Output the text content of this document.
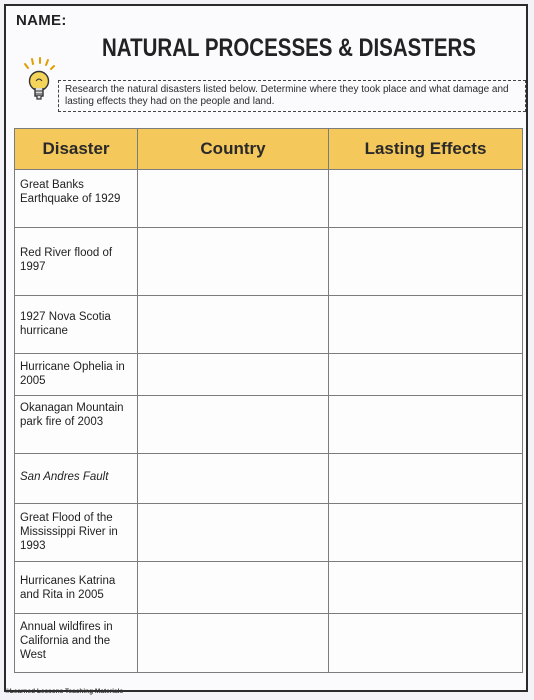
NAME:
NATURAL PROCESSES & DISASTERS
Research the natural disasters listed below. Determine where they took place and what damage and lasting effects they had on the people and land.
Disaster	Country	Lasting Effects

Great Banks Earthquake of 1929		

Red River flood of 1997		

1927 Nova Scotia hurricane		

Hurricane Ophelia in 2005		

Okanagan Mountain park fire of 2003		

San Andres Fault		

Great Flood of the Mississippi River in 1993		

Hurricanes Katrina and Rita in 2005		

Annual wildfires in California and the West		

©Learned Lessons Teaching Materials
